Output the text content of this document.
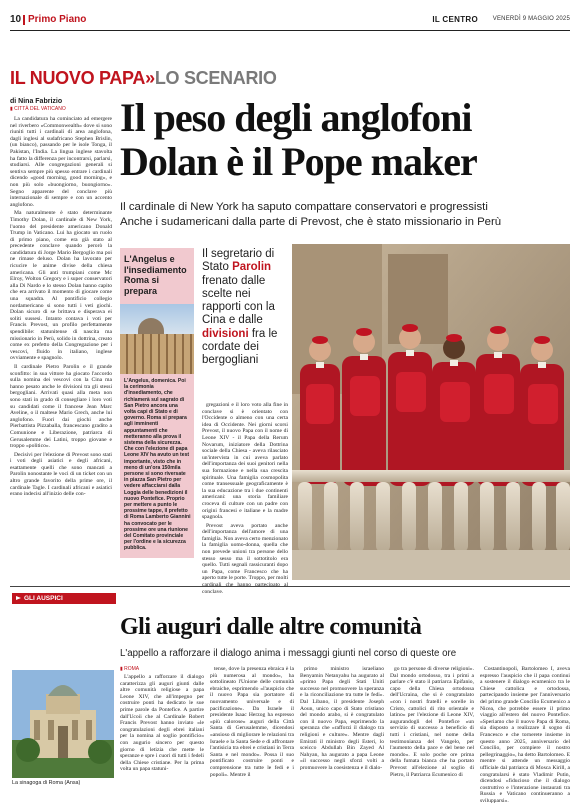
10 Primo Piano	IL CENTRO VENERDÌ 9 MAGGIO 2025
IL NUOVO PAPA»LO SCENARIO
di Nina Fabrizio
▮ CITTÀ DEL VATICANO

La candidatura ha cominciato ad emergere nel riverbero «Commonwealth» dove si sono riuniti tutti i cardinali di area anglofona, dagli inglesi al sudafricano Stephen Brislin, (un bianco), passando per le isole Tonga, il Pakistan, l'India. La lingua inglese stavolta ha fatto la differenza per incontrarsi, parlarsi, studiarsi. Alle congregazioni generali si sentiva sempre più spesso entrare i cardinali dicendo «good morning, good morning», e non più solo «buongiorno, buongiorno». Segno apparente del conclave più internazionale di sempre e con un accento anglofono.

Ma naturalmente è stato determinante Timothy Dolan, il cardinale di New York, l'uomo del presidente americano Donald Trump in Vaticano. Lui ha giocato un ruolo di primo piano, come era già stato al precedente conclave quando perorò la candidatura di Jorge Mario Bergoglio ma poi ne rimase deluso. Dolan ha lavorato per ricucire le anime divise della chiesa americana. Gli anti trumpiani come Mc Elroy, Wolton Gregory e i super conservatori alla Di Nardo e lo stesso Dolan hanno capito che era arrivato il momento di giocare come una squadra. Al pontificio collegio nordamericano si sono tutti i veti giochi. Dolan sicuro di se brittava e disperava ei soliti sussesi. Intanto contava i voti per Francis Prevost, un profilo perfettamente spendibile: statunitense di nascita ma missionario in Perù, solido in dottrina, creato come ex prefetto della Congregazione per i vescovi, fluido in italiano, inglese ovviamente e spagnolo.

Il cardinale Pietro Parolin e il grande sconfitto: in sua vittore ha giocato l'accordo sulla nomina dei vescovi con la Cina ma hanno pesato anche le divisioni tra gli stessi bergogliani. Arrivati quasi alla meta non sono stati in grado di consegliare i loro voti su candidati come il francese Jean Marc Aveline, o il maltese Mario Grech, anche lui anglofono. Fuori dai giochi anche Pierbattista Pizzaballa, francescano gradito a Comunione e Liberazione, patriarca di Gerusalemme dei Latini, troppo giovane e troppo «politico».

Decisivi per l'elezione di Prevost sono stati i voti degli asiatici e degli africani, esattamente quelli che sono mancati a Parolin nonostante le voci di un ticket con un altro grande favorito della prime ore, il cardinale Tagle. I cardinali africani e asiatici erano indecisi all'inizio delle con-

Il peso degli anglofoni
Dolan è il Pope maker
Il cardinale di New York ha saputo compattare conservatori e progressisti
Anche i sudamericani dalla parte di Prevost, che è stato missionario in Perù
L'Angelus e l'insediamento Roma si prepara
L'Angelus, domenica. Poi la cerimonia d'insediamento, che richiamerà sul sagrato di San Pietro ancora una volta capi di Stato e di governo. Roma si prepara agli imminenti appuntamenti che metteranno alla prova il sistema della sicurezza. Che con l'elezione di papa Leone XIV ha avuto un test importante, visto che in meno di un'ora 150mila persone si sono riversate in piazza San Pietro per vedere affacciarsi dalla Loggia delle benedizioni il nuovo Pontefice. Proprio per mettere a punto le prossime tappe, il prefetto di Roma Lamberto Giannini ha convocato per le prossime ore una riunione del Comitato provinciale per l'ordine e la sicurezza pubblica.
Il segretario di Stato Parolin frenato dalle scelte nei rapporti con la Cina e dalle divisioni fra le cordate dei bergogliani

gregazioni e il loro voto alla fine in conclave si è orientato con l'Occidente o almeno con una certa idea di Occidente. Nei giorni scorsi Prevost, il nuovo Papa con il nome di Leone XIV - il Papa della Rerum Novarum, iniziatore della Dottrina sociale della Chiesa - aveva rilasciato un'intervista in cui aveva parlato dell'importanza dei suoi genitori nella sua formazione e nella sua crescita spirituale. Una famiglia cosmopolita come transessuale geograficamente è la sua educazione tra i due continenti americani: una storia familiare croceva di culture con un padre con origini francesi e italiane e la madre spagnola.

Prevost aveva portato anche dell'importanza dell'amore di una famiglia. Non aveva certo menzionato la famiglia uomo-donna, quella che non prevede unioni tra persone dello stesso sesso ma il sottotitolo era quello. Tutti segnali rassicuranti dopo un Papa, come Francesco che ha aperto tutte le porte. Troppo, per molti conclave.

GLI AUSPICI
Gli auguri dalle altre comunità
L'appello a rafforzare il dialogo anima i messaggi giunti nel corso di queste ore
▮ ROMA
La sinagoga di Roma (Ansa)

L'appello a rafforzare il dialogo caratterizza gli auguri giunti dalle altre comunità religiose a papa Leone XIV, che all'impegno per costruire ponti ha dedicato le sue prime parole da Pontefice. A partire dall'Ucoii che al Cardinale Robert Francis Prevost hanno inviato «le congratulazioni degli ebrei italiani per la nomina al soglio pontificio» con augurio sincero per questo giorno di letizia che mette le speranze e spre i cuori di tutti i fedeli della Chiese cristiane. Per la prima volta un papa statuni-

tense, dove la presenza ebraica è la più numerosa al mondo», ha sottolineato l'Unione delle comunità ebraiche, esprimendo «l'auspicio che il nuovo Papa sia portatore di nuovamento universale e di pacificazione». Da Israele il presidente Isaac Herzog ha espresso «più calorose» auguri della Città Santa di Gerusalemme, dicendosi «ansioso di migliorare le relazioni tra Israele e la Santa Sede e di affrontare l'antisicia tra ebrei e cristiani in Terra Santa e nel mondo». Possa il suo pontificato costruire ponti e comprensione tra tutte le fedi e i popoli». Mentre il

primo ministro israeliano Benyamin Netanyahu ha augurato al «primo Papa degli Stati Uniti successo nel promuovere la speranza e la riconciliazione tra tutte le fedi». Dal Libano, il presidente Joseph Aoun, unico capo di Stato cristiano del mondo arabo, si è congratulato con il nuovo Papa, esprimendo la speranza che «rafforzi il dialogo tra religioni e culture». Mentre dagli Emirati il ministro degli Esteri, lo sceicco Abdullah Bin Zayed Al Nahyan, ha augurato a papa Leone «il successo negli sforzi volti a promuovere la coesistenza e il dialo-

go tra persone di diverse religioni». Dal mondo ortodosso, tra i primi a parlare c'è stato il patriarca Epifanio, capo della Chiesa ortodossa dell'Ucraina, che si è congratulato «con i nostri fratelli e sorelle in Cristo, cattolici di rito orientale e latino» per l'elezione di Leone XIV, augurandogli del Pontefice «un servizio di successo a beneficio di tutti i cristiani, nel nome della testimonianza del Vangelo, per l'aumento della pace e del bene nel mondo». E solo poche ore prima della fumata bianca che ha portato Prevost all'elezione al soglio di Pietro, il Patriarca Ecumenico di

Costantinopoli, Bartolomeo I, aveva espresso l'auspicio che il papa continui a sostenere il dialogo ecumenico tra le Chiese cattolica e ortodossa, partecipando insieme per l'anniversario del primo grande Concilio Ecumenico a Nicea, che potrebbe essere il primo viaggio all'estero del nuovo Pontefice. «Speriamo che il nuovo Papa di Roma, sia disposto a realizzare il sogno di Francesco e che tornerete insieme in questo anno 2025, anniversario del Concilio, per compiere il nostro pellegrinaggio», ha detto Bartolomeo. E mentre si attende un messaggio ufficiale dal patriarca di Mosca Kirill, a congratularsi è stato Vladimir Putin, dicendosi «fiducioso che il dialogo costruttivo e l'interazione instaurati tra Russia e Vaticano continueranno a svilupparsi».
